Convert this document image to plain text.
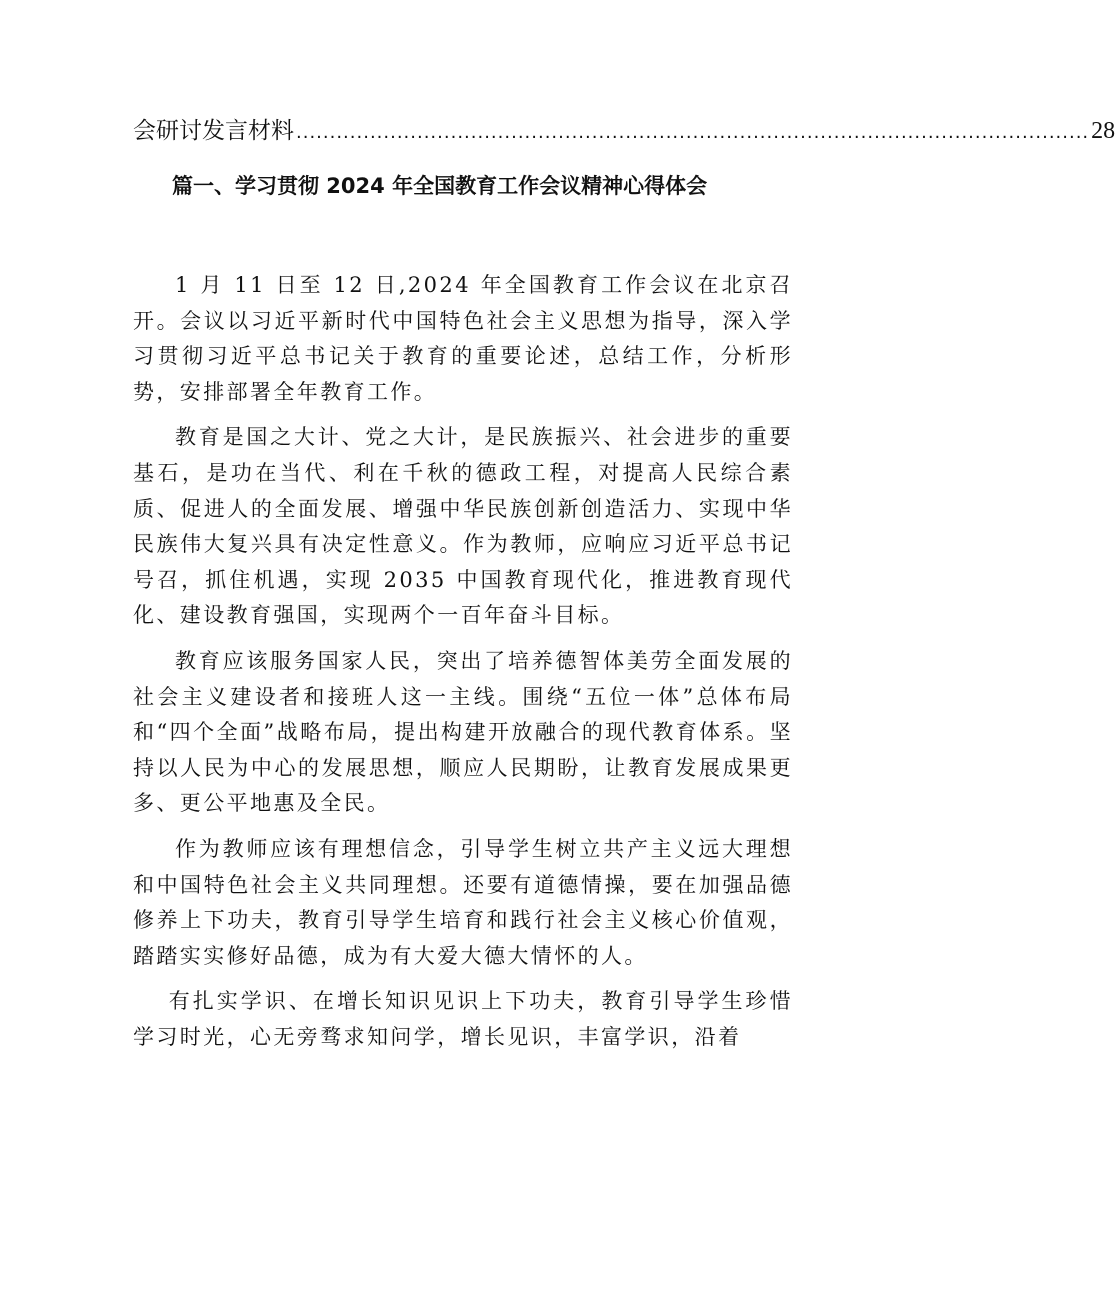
会研讨发言材料 ...................................................................................................................... 28
篇一、学习贯彻 2024 年全国教育工作会议精神心得体会

1 月 11 日至 12 日,2024 年全国教育工作会议在北京召开。会议以习近平新时代中国特色社会主义思想为指导，深入学习贯彻习近平总书记关于教育的重要论述，总结工作，分析形势，安排部署全年教育工作。

教育是国之大计、党之大计，是民族振兴、社会进步的重要基石，是功在当代、利在千秋的德政工程，对提高人民综合素质、促进人的全面发展、增强中华民族创新创造活力、实现中华民族伟大复兴具有决定性意义。作为教师，应响应习近平总书记号召，抓住机遇，实现 2035 中国教育现代化，推进教育现代化、建设教育强国，实现两个一百年奋斗目标。

教育应该服务国家人民，突出了培养德智体美劳全面发展的社会主义建设者和接班人这一主线。围绕“五位一体”总体布局和“四个全面”战略布局，提出构建开放融合的现代教育体系。坚持以人民为中心的发展思想，顺应人民期盼，让教育发展成果更多、更公平地惠及全民。

作为教师应该有理想信念，引导学生树立共产主义远大理想和中国特色社会主义共同理想。还要有道德情操，要在加强品德修养上下功夫，教育引导学生培育和践行社会主义核心价值观，踏踏实实修好品德，成为有大爱大德大情怀的人。

有扎实学识、在增长知识见识上下功夫，教育引导学生珍惜学习时光，心无旁骛求知问学，增长见识，丰富学识，沿着
